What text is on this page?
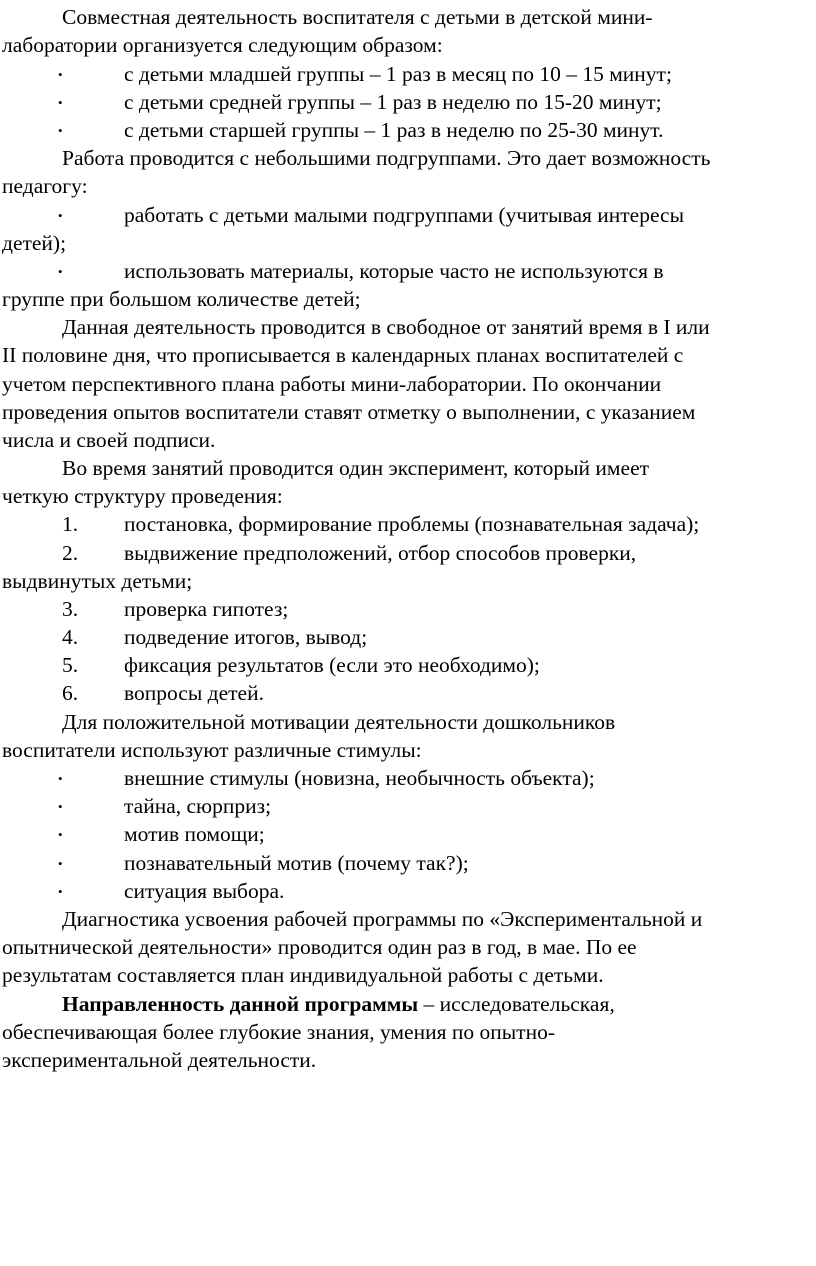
Совместная деятельность воспитателя с детьми в детской мини-
лаборатории организуется следующим образом:
•	с детьми младшей группы – 1 раз в месяц по 10 – 15 минут;
•	с детьми средней группы – 1 раз в неделю по 15-20 минут;
•	с детьми старшей группы – 1 раз в неделю по 25-30 минут.
Работа проводится с небольшими подгруппами. Это дает возможность
педагогу:
•	работать с детьми малыми подгруппами (учитывая интересы
детей);
•	использовать материалы, которые часто не используются в
группе при большом количестве детей;
Данная деятельность проводится в свободное от занятий время в I или
II половине дня, что прописывается в календарных планах воспитателей с
учетом перспективного плана работы мини-лаборатории. По окончании
проведения опытов воспитатели ставят отметку о выполнении, с указанием
числа и своей подписи.
Во время занятий проводится один эксперимент, который имеет
четкую структуру проведения:
1. постановка, формирование проблемы (познавательная задача);
2. выдвижение предположений, отбор способов проверки,
выдвинутых детьми;
3. проверка гипотез;
4. подведение итогов, вывод;
5. фиксация результатов (если это необходимо);
6. вопросы детей.
Для положительной мотивации деятельности дошкольников
воспитатели используют различные стимулы:
•	внешние стимулы (новизна, необычность объекта);
•	тайна, сюрприз;
•	мотив помощи;
•	познавательный мотив (почему так?);
•	ситуация выбора.
Диагностика усвоения рабочей программы по «Экспериментальной и
опытнической деятельности» проводится один раз в год, в мае. По ее
результатам составляется план индивидуальной работы с детьми.
Направленность данной программы – исследовательская,
обеспечивающая более глубокие знания, умения по опытно-
экспериментальной деятельности.
